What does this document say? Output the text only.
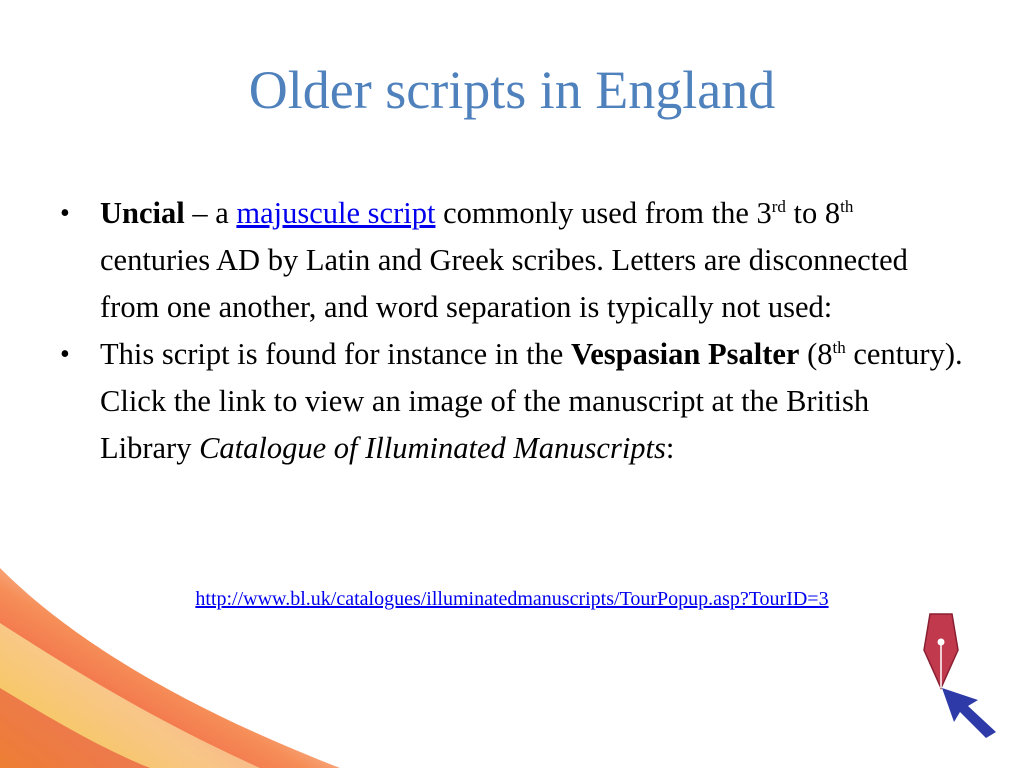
Older scripts in England
• Uncial – a majuscule script commonly used from the 3rd to 8th centuries AD by Latin and Greek scribes. Letters are disconnected from one another, and word separation is typically not used:
• This script is found for instance in the Vespasian Psalter (8th century). Click the link to view an image of the manuscript at the British Library Catalogue of Illuminated Manuscripts:
http://www.bl.uk/catalogues/illuminatedmanuscripts/TourPopup.asp?TourID=3
